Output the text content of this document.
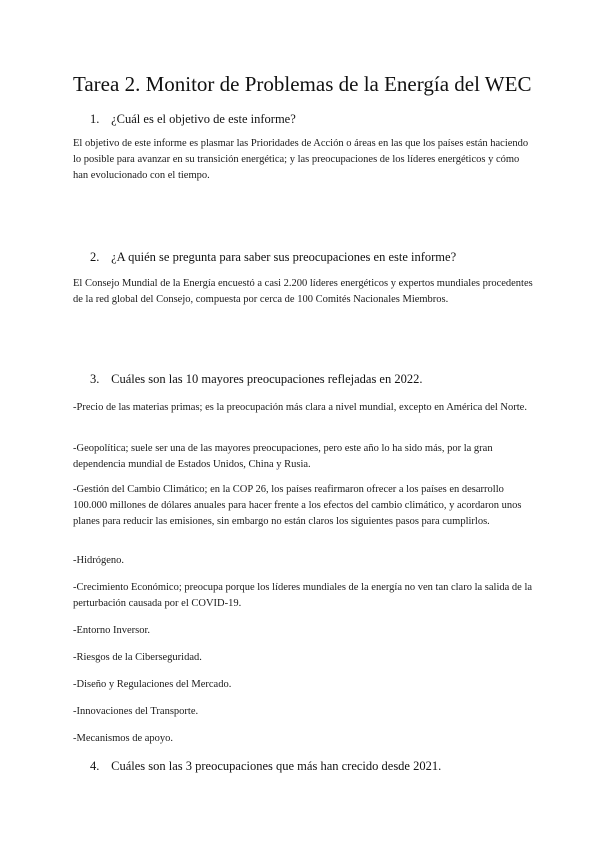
Tarea 2. Monitor de Problemas de la Energía del WEC
1. ¿Cuál es el objetivo de este informe?

El objetivo de este informe es plasmar las Prioridades de Acción o áreas en las que los países están haciendo lo posible para avanzar en su transición energética; y las preocupaciones de los líderes energéticos y cómo han evolucionado con el tiempo.

2. ¿A quién se pregunta para saber sus preocupaciones en este informe?

El Consejo Mundial de la Energía encuestó a casi 2.200 líderes energéticos y expertos mundiales procedentes de la red global del Consejo, compuesta por cerca de 100 Comités Nacionales Miembros.

3. Cuáles son las 10 mayores preocupaciones reflejadas en 2022.

-Precio de las materias primas; es la preocupación más clara a nivel mundial, excepto en América del Norte.

-Geopolítica; suele ser una de las mayores preocupaciones, pero este año lo ha sido más, por la gran dependencia mundial de Estados Unidos, China y Rusia.

-Gestión del Cambio Climático; en la COP 26, los países reafirmaron ofrecer a los países en desarrollo 100.000 millones de dólares anuales para hacer frente a los efectos del cambio climático, y acordaron unos planes para reducir las emisiones, sin embargo no están claros los siguientes pasos para cumplirlos.

-Hidrógeno.

-Crecimiento Económico; preocupa porque los líderes mundiales de la energía no ven tan claro la salida de la perturbación causada por el COVID-19.

-Entorno Inversor.

-Riesgos de la Ciberseguridad.

-Diseño y Regulaciones del Mercado.

-Innovaciones del Transporte.

-Mecanismos de apoyo.

4. Cuáles son las 3 preocupaciones que más han crecido desde 2021.
